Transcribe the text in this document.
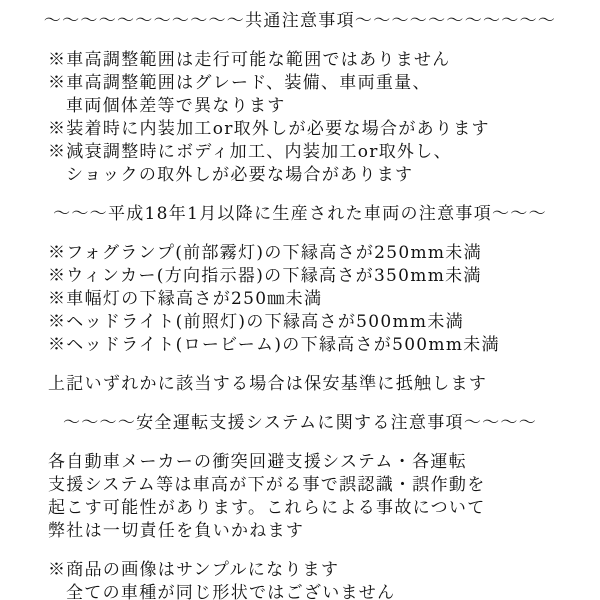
～～～～～～～～～～～共通注意事項～～～～～～～～～～～
※車高調整範囲は走行可能な範囲ではありません
※車高調整範囲はグレード、装備、車両重量、
車両個体差等で異なります
※装着時に内装加工or取外しが必要な場合があります
※減衰調整時にボディ加工、内装加工or取外し、
ショックの取外しが必要な場合があります
～～～平成18年1月以降に生産された車両の注意事項～～～
※フォグランプ(前部霧灯)の下縁高さが250mm未満
※ウィンカー(方向指示器)の下縁高さが350mm未満
※車幅灯の下縁高さが250㎜未満
※ヘッドライト(前照灯)の下縁高さが500mm未満
※ヘッドライト(ロービーム)の下縁高さが500mm未満
上記いずれかに該当する場合は保安基準に抵触します
～～～～安全運転支援システムに関する注意事項～～～～
各自動車メーカーの衝突回避支援システム・各運転
支援システム等は車高が下がる事で誤認識・誤作動を
起こす可能性があります。これらによる事故について
弊社は一切責任を負いかねます
※商品の画像はサンプルになります
全ての車種が同じ形状ではございません
